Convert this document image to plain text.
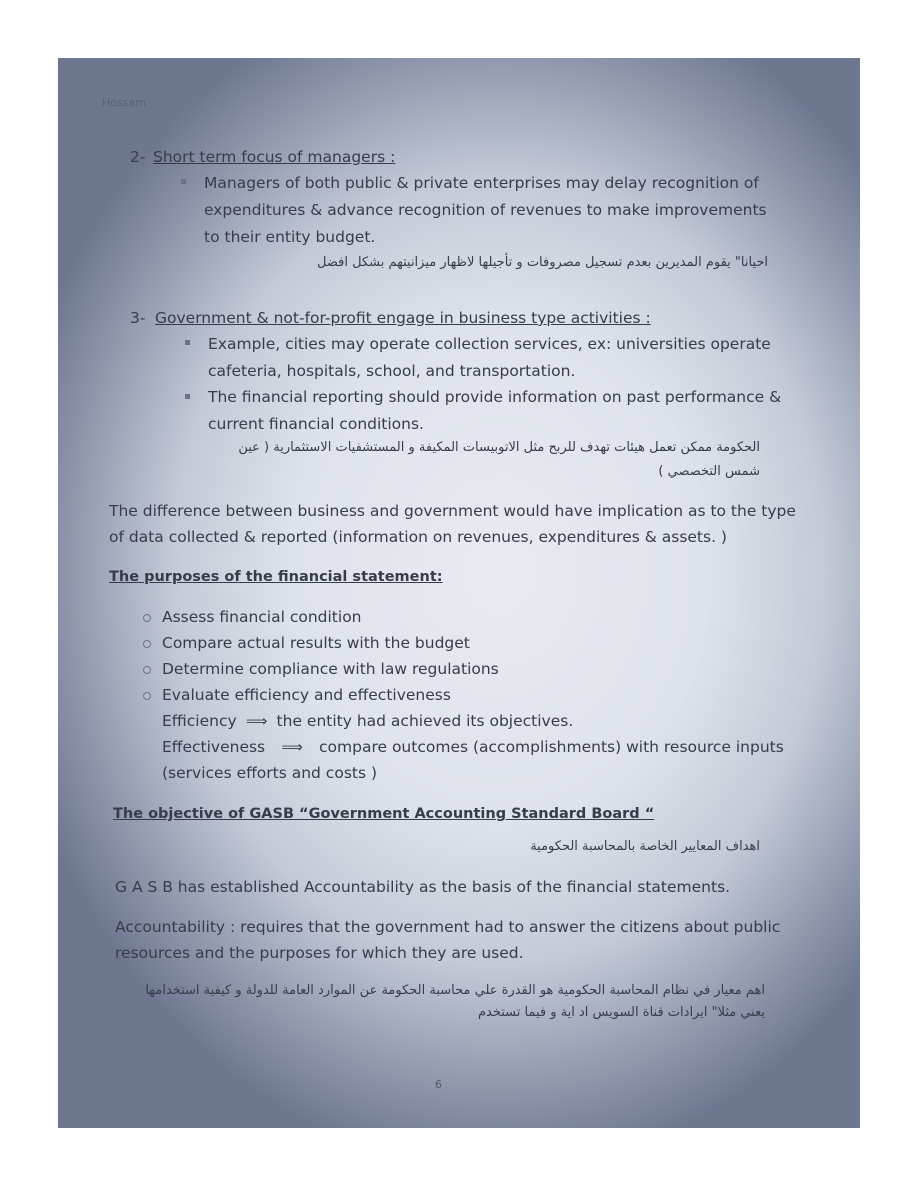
Hossam
2- Short term focus of managers :
Managers of both public & private enterprises may delay recognition of
expenditures & advance recognition of revenues to make improvements
to their entity budget.
احيانا" يقوم المديرين بعدم تسجيل مصروفات و تأجيلها لاظهار ميزانيتهم بشكل افضل
3- Government & not-for-profit engage in business type activities :
Example, cities may operate collection services, ex: universities operate
cafeteria, hospitals, school, and transportation.
The financial reporting should provide information on past performance &
current financial conditions.
الحكومة ممكن تعمل هيئات تهدف للربح مثل الاتوبيسات المكيفة و المستشفيات الاستثمارية ( عين
شمس التخصصي )
The difference between business and government would have implication as to the type
of data collected & reported (information on revenues, expenditures & assets. )
The purposes of the financial statement:
Assess financial condition
Compare actual results with the budget
Determine compliance with law regulations
Evaluate efficiency and effectiveness
Efficiency ⟹ the entity had achieved its objectives.
Effectiveness ⟹ compare outcomes (accomplishments) with resource inputs
(services efforts and costs )
The objective of GASB “Government Accounting Standard Board “
اهداف المعايير الخاصة بالمحاسبة الحكومية
G A S B has established Accountability as the basis of the financial statements.
Accountability : requires that the government had to answer the citizens about public
resources and the purposes for which they are used.
اهم معيار في نظام المحاسبة الحكومية هو القدرة علي محاسبة الحكومة عن الموارد العامة للدولة و كيفية استخدامها
يعني مثلا" ايرادات قناة السويس اد اية و فيما تستخدم
6
